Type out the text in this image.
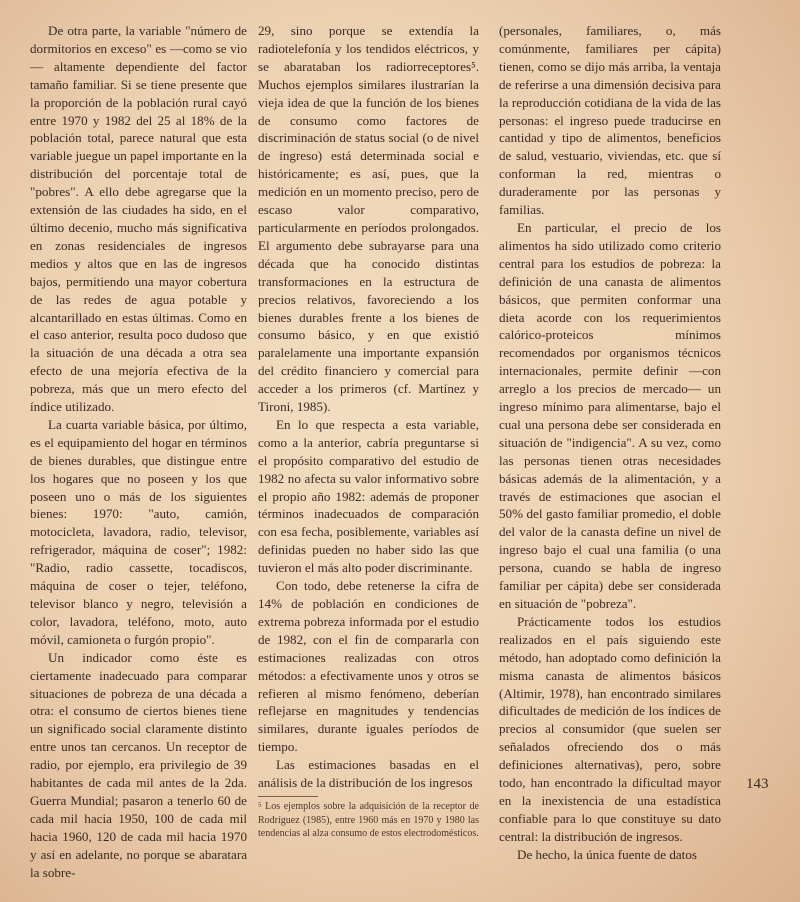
De otra parte, la variable "número de dormitorios en exceso" es —como se vio— altamente dependiente del factor tamaño familiar. Si se tiene presente que la proporción de la población rural cayó entre 1970 y 1982 del 25 al 18% de la población total, parece natural que esta variable juegue un papel importante en la distribución del porcentaje total de "pobres". A ello debe agregarse que la extensión de las ciudades ha sido, en el último decenio, mucho más significativa en zonas residenciales de ingresos medios y altos que en las de ingresos bajos, permitiendo una mayor cobertura de las redes de agua potable y alcantarillado en estas últimas. Como en el caso anterior, resulta poco dudoso que la situación de una década a otra sea efecto de una mejoría efectiva de la pobreza, más que un mero efecto del índice utilizado.

La cuarta variable básica, por último, es el equipamiento del hogar en términos de bienes durables, que distingue entre los hogares que no poseen y los que poseen uno o más de los siguientes bienes: 1970: "auto, camión, motocicleta, lavadora, radio, televisor, refrigerador, máquina de coser"; 1982: "Radio, radio cassette, tocadiscos, máquina de coser o tejer, teléfono, televisor blanco y negro, televisión a color, lavadora, teléfono, moto, auto móvil, camioneta o furgón propio".

Un indicador como éste es ciertamente inadecuado para comparar situaciones de pobreza de una década a otra: el consumo de ciertos bienes tiene un significado social claramente distinto entre unos tan cercanos. Un receptor de radio, por ejemplo, era privilegio de 39 habitantes de cada mil antes de la 2da. Guerra Mundial; pasaron a tenerlo 60 de cada mil hacia 1950, 100 de cada mil hacia 1960, 120 de cada mil hacia 1970 y así en adelante, no porque se abaratara la sobre-

29, sino porque se extendía la radiotelefonía y los tendidos eléctricos, y se abarataban los radiorreceptores⁵. Muchos ejemplos similares ilustrarían la vieja idea de que la función de los bienes de consumo como factores de discriminación de status social (o de nivel de ingreso) está determinada social e históricamente; es así, pues, que la medición en un momento preciso, pero de escaso valor comparativo, particularmente en períodos prolongados. El argumento debe subrayarse para una década que ha conocido distintas transformaciones en la estructura de precios relativos, favoreciendo a los bienes durables frente a los bienes de consumo básico, y en que existió paralelamente una importante expansión del crédito financiero y comercial para acceder a los primeros (cf. Martínez y Tironi, 1985).

En lo que respecta a esta variable, como a la anterior, cabría preguntarse si el propósito comparativo del estudio de 1982 no afecta su valor informativo sobre el propio año 1982: además de proponer términos inadecuados de comparación con esa fecha, posiblemente, variables así definidas pueden no haber sido las que tuvieron el más alto poder discriminante.

Con todo, debe retenerse la cifra de 14% de población en condiciones de extrema pobreza informada por el estudio de 1982, con el fin de compararla con estimaciones realizadas con otros métodos: a efectivamente unos y otros se refieren al mismo fenómeno, deberían reflejarse en magnitudes y tendencias similares, durante iguales períodos de tiempo.

Las estimaciones basadas en el análisis de la distribución de los ingresos

⁵ Los ejemplos sobre la adquisición de la receptor de Rodríguez (1985), entre 1960 más en 1970 y 1980 las tendencias al alza consumo de estos electrodomésticos.

(personales, familiares, o, más comúnmente, familiares per cápita) tienen, como se dijo más arriba, la ventaja de referirse a una dimensión decisiva para la reproducción cotidiana de la vida de las personas: el ingreso puede traducirse en cantidad y tipo de alimentos, beneficios de salud, vestuario, viviendas, etc. que sí conforman la red, mientras o duraderamente por las personas y familias.

En particular, el precio de los alimentos ha sido utilizado como criterio central para los estudios de pobreza: la definición de una canasta de alimentos básicos, que permiten conformar una dieta acorde con los requerimientos calórico-proteicos mínimos recomendados por organismos técnicos internacionales, permite definir —con arreglo a los precios de mercado— un ingreso mínimo para alimentarse, bajo el cual una persona debe ser considerada en situación de "indigencia". A su vez, como las personas tienen otras necesidades básicas además de la alimentación, y a través de estimaciones que asocian el 50% del gasto familiar promedio, el doble del valor de la canasta define un nivel de ingreso bajo el cual una familia (o una persona, cuando se habla de ingreso familiar per cápita) debe ser considerada en situación de "pobreza".

Prácticamente todos los estudios realizados en el país siguiendo este método, han adoptado como definición la misma canasta de alimentos básicos (Altimir, 1978), han encontrado similares dificultades de medición de los índices de precios al consumidor (que suelen ser señalados ofreciendo dos o más definiciones alternativas), pero, sobre todo, han encontrado la dificultad mayor en la inexistencia de una estadística confiable para lo que constituye su dato central: la distribución de ingresos.

De hecho, la única fuente de datos

143
